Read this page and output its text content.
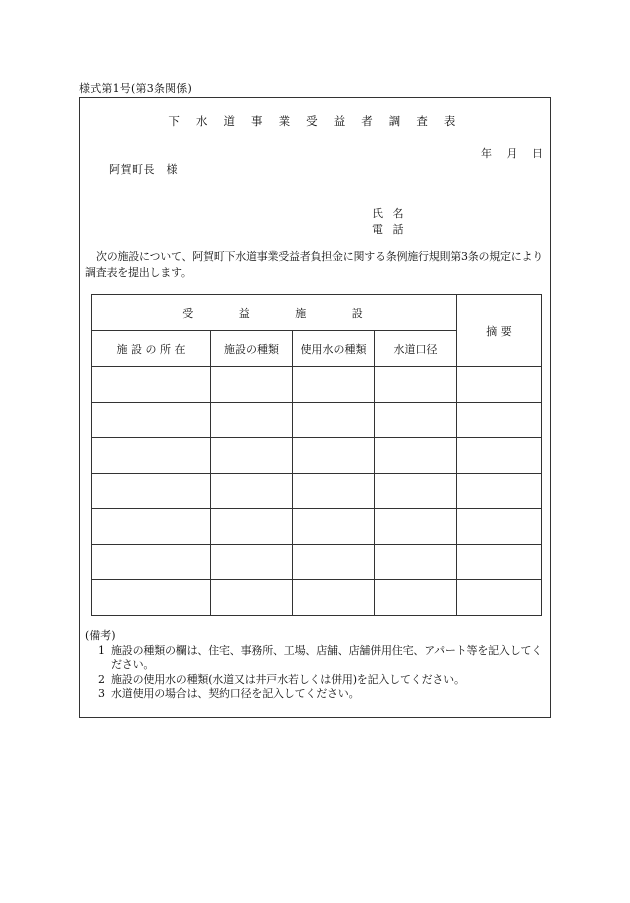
様式第1号(第3条関係)
下 水 道 事 業 受 益 者 調 査 表
年 月 日
阿賀町長　様
氏 名
電 話
次の施設について、阿賀町下水道事業受益者負担金に関する条例施行規則第3条の規定により調査表を提出します。
受 益 施 設				摘 要
施 設 の 所 在	施設の種類	使用水の種類	水道口径	

(備考)
1 施設の種類の欄は、住宅、事務所、工場、店舗、店舗併用住宅、アパート等を記入してください。
2 施設の使用水の種類(水道又は井戸水若しくは併用)を記入してください。
3 水道使用の場合は、契約口径を記入してください。
